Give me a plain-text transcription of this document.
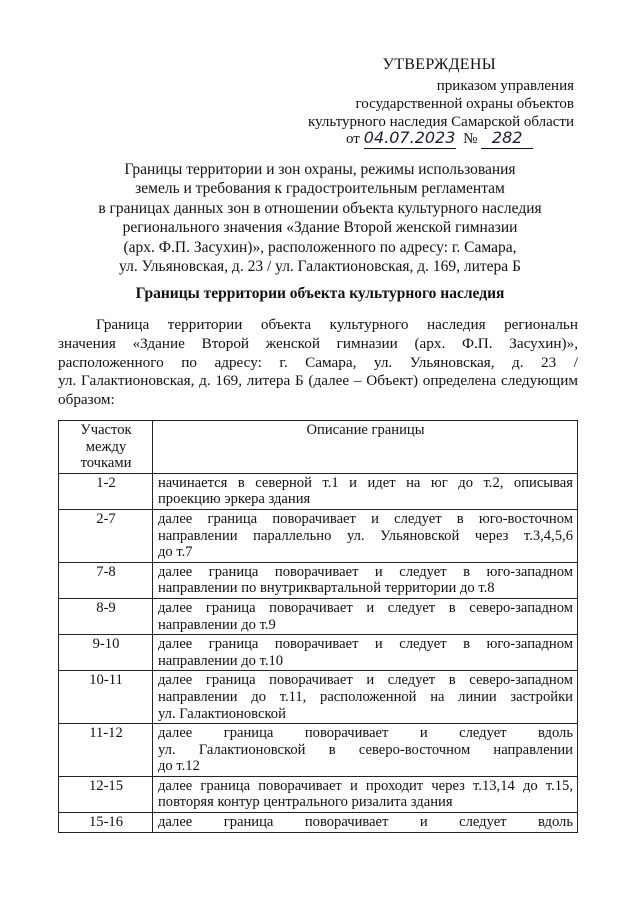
УТВЕРЖДЕНЫ
приказом управления
государственной охраны объектов
культурного наследия Самарской области
от 04.07.2023 № 282
Границы территории и зон охраны, режимы использования
земель и требования к градостроительным регламентам
в границах данных зон в отношении объекта культурного наследия
регионального значения «Здание Второй женской гимназии
(арх. Ф.П. Засухин)», расположенного по адресу: г. Самара,
ул. Ульяновская, д. 23 / ул. Галактионовская, д. 169, литера Б
Границы территории объекта культурного наследия
Граница территории объекта культурного наследия региональн
значения «Здание Второй женской гимназии (арх. Ф.П. Засухин)»,
расположенного по адресу: г. Самара, ул. Ульяновская, д. 23 /
ул. Галактионовская, д. 169, литера Б (далее – Объект) определена следующим
образом:
Участок
между
точками	Описание границы
1-2	начинается в северной т.1 и идет на юг до т.2, описывая
проекцию эркера здания

2-7	далее граница поворачивает и следует в юго-восточном
направлении параллельно ул. Ульяновской через т.3,4,5,6
до т.7

7-8	далее граница поворачивает и следует в юго-западном
направлении по внутриквартальной территории до т.8

8-9	далее граница поворачивает и следует в северо-западном
направлении до т.9

9-10	далее граница поворачивает и следует в юго-западном
направлении до т.10

10-11	далее граница поворачивает и следует в северо-западном
направлении до т.11, расположенной на линии застройки
ул. Галактионовской

11-12	далее граница поворачивает и следует вдоль
ул. Галактионовской в северо-восточном направлении
до т.12

12-15	далее граница поворачивает и проходит через т.13,14 до т.15,
повторяя контур центрального ризалита здания

15-16	далее граница поворачивает и следует вдоль
